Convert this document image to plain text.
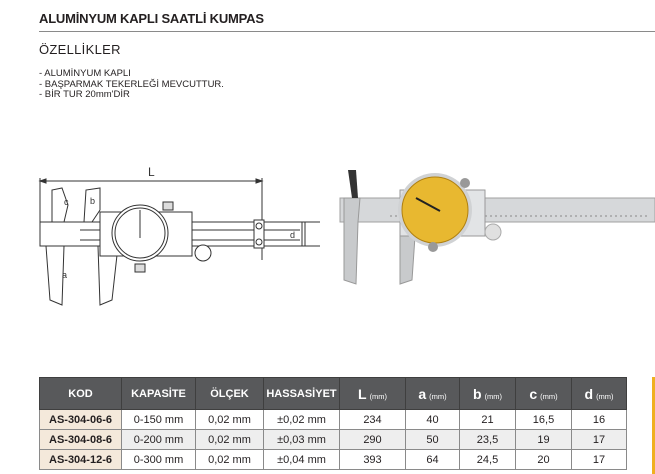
ALUMİNYUM KAPLI SAATLİ KUMPAS
ÖZELLİKLER
- ALUMİNYUM KAPLI
- BAŞPARMAK TEKERLEĞİ MEVCUTTUR.
- BİR TUR 20mm'DİR
L
d
c b
a
KOD	KAPASİTE	ÖLÇEK	HASSASİYET	L (mm)	a (mm)	b (mm)	c (mm)	d (mm)
AS-304-06-6	0-150 mm	0,02 mm	±0,02 mm	234	40	21	16,5	16
AS-304-08-6	0-200 mm	0,02 mm	±0,03 mm	290	50	23,5	19	17
AS-304-12-6	0-300 mm	0,02 mm	±0,04 mm	393	64	24,5	20	17
